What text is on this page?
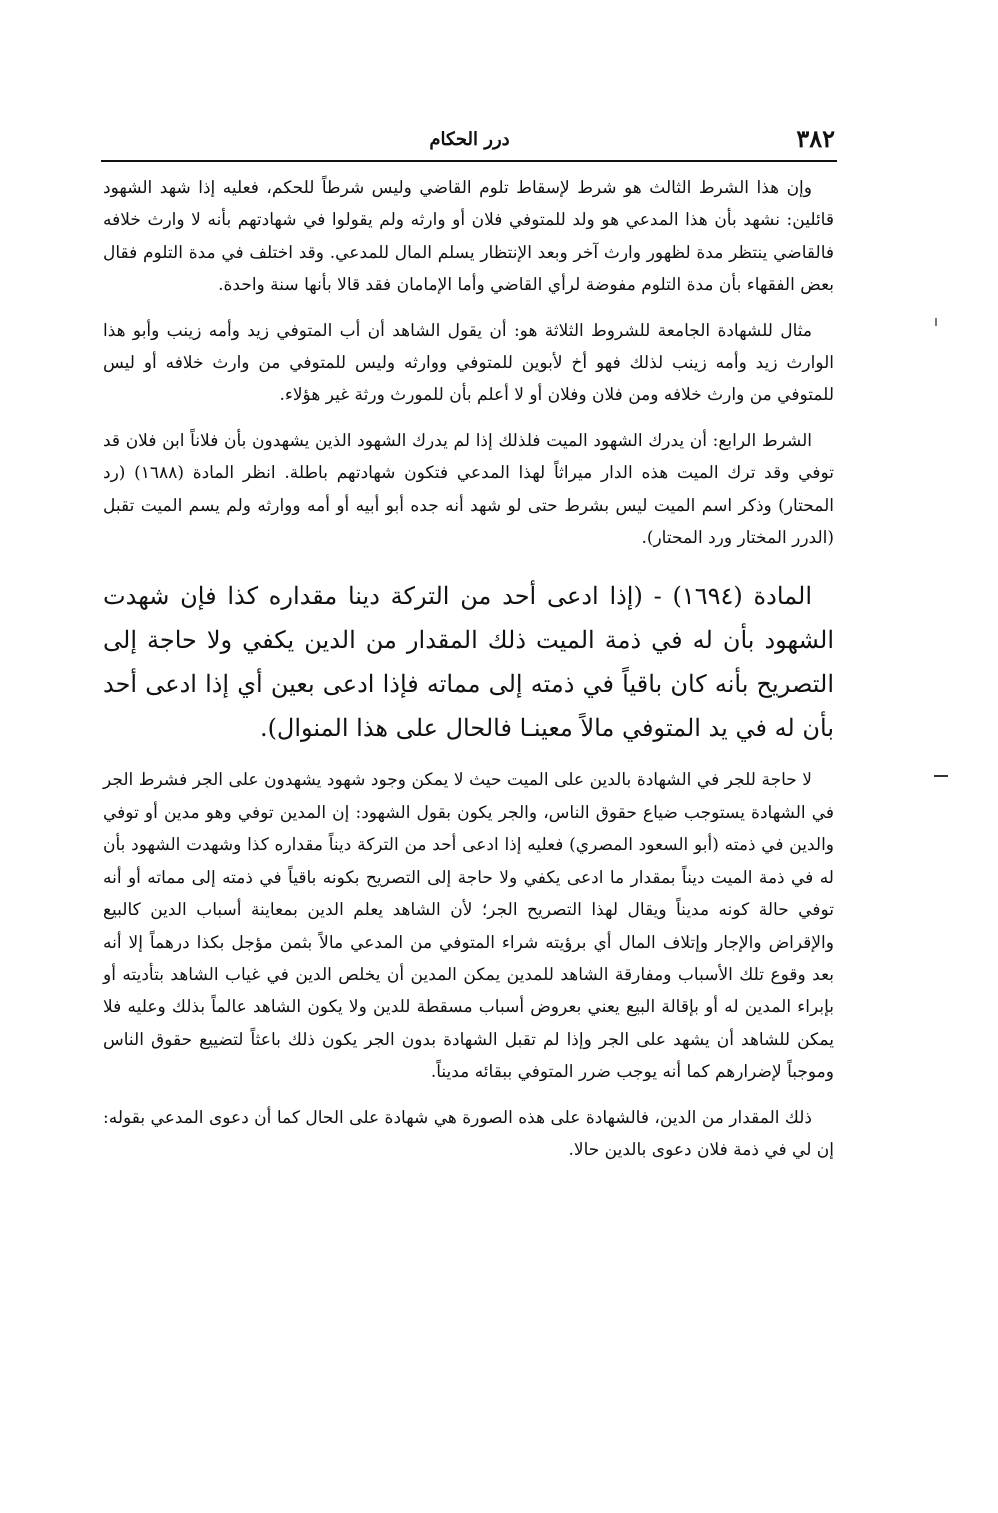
٣٨٢
درر الحكام

وإن هذا الشرط الثالث هو شرط لإسقاط تلوم القاضي وليس شرطاً للحكم، فعليه إذا شهد الشهود قائلين: نشهد بأن هذا المدعي هو ولد للمتوفي فلان أو وارثه ولم يقولوا في شهادتهم بأنه لا وارث خلافه فالقاضي ينتظر مدة لظهور وارث آخر وبعد الإنتظار يسلم المال للمدعي. وقد اختلف في مدة التلوم فقال بعض الفقهاء بأن مدة التلوم مفوضة لرأي القاضي وأما الإمامان فقد قالا بأنها سنة واحدة.

مثال للشهادة الجامعة للشروط الثلاثة هو: أن يقول الشاهد أن أب المتوفي زيد وأمه زينب وأبو هذا الوارث زيد وأمه زينب لذلك فهو أخ لأبوين للمتوفي ووارثه وليس للمتوفي من وارث خلافه أو ليس للمتوفي من وارث خلافه ومن فلان وفلان أو لا أعلم بأن للمورث ورثة غير هؤلاء.

الشرط الرابع: أن يدرك الشهود الميت فلذلك إذا لم يدرك الشهود الذين يشهدون بأن فلاناً ابن فلان قد توفي وقد ترك الميت هذه الدار ميراثاً لهذا المدعي فتكون شهادتهم باطلة. انظر المادة (١٦٨٨) (رد المحتار) وذكر اسم الميت ليس بشرط حتى لو شهد أنه جده أبو أبيه أو أمه ووارثه ولم يسم الميت تقبل (الدرر المختار ورد المحتار).

المادة (١٦٩٤) - (إذا ادعى أحد من التركة دينا مقداره كذا فإن شهدت الشهود بأن له في ذمة الميت ذلك المقدار من الدين يكفي ولا حاجة إلى التصريح بأنه كان باقياً في ذمته إلى مماته فإذا ادعى بعين أي إذا ادعى أحد بأن له في يد المتوفي مالاً معينـا فالحال على هذا المنوال).

لا حاجة للجر في الشهادة بالدين على الميت حيث لا يمكن وجود شهود يشهدون على الجر فشرط الجر في الشهادة يستوجب ضياع حقوق الناس، والجر يكون بقول الشهود: إن المدين توفي وهو مدين أو توفي والدين في ذمته (أبو السعود المصري) فعليه إذا ادعى أحد من التركة ديناً مقداره كذا وشهدت الشهود بأن له في ذمة الميت ديناً بمقدار ما ادعى يكفي ولا حاجة إلى التصريح بكونه باقياً في ذمته إلى مماته أو أنه توفي حالة كونه مديناً ويقال لهذا التصريح الجر؛ لأن الشاهد يعلم الدين بمعاينة أسباب الدين كالبيع والإقراض والإجار وإتلاف المال أي برؤيته شراء المتوفي من المدعي مالاً بثمن مؤجل بكذا درهماً إلا أنه بعد وقوع تلك الأسباب ومفارقة الشاهد للمدين يمكن المدين أن يخلص الدين في غياب الشاهد بتأديته أو بإبراء المدين له أو بإقالة البيع يعني بعروض أسباب مسقطة للدين ولا يكون الشاهد عالماً بذلك وعليه فلا يمكن للشاهد أن يشهد على الجر وإذا لم تقبل الشهادة بدون الجر يكون ذلك باعثاً لتضييع حقوق الناس وموجباً لإضرارهم كما أنه يوجب ضرر المتوفي ببقائه مديناً.

ذلك المقدار من الدين، فالشهادة على هذه الصورة هي شهادة على الحال كما أن دعوى المدعي بقوله: إن لي في ذمة فلان دعوى بالدين حالا.
